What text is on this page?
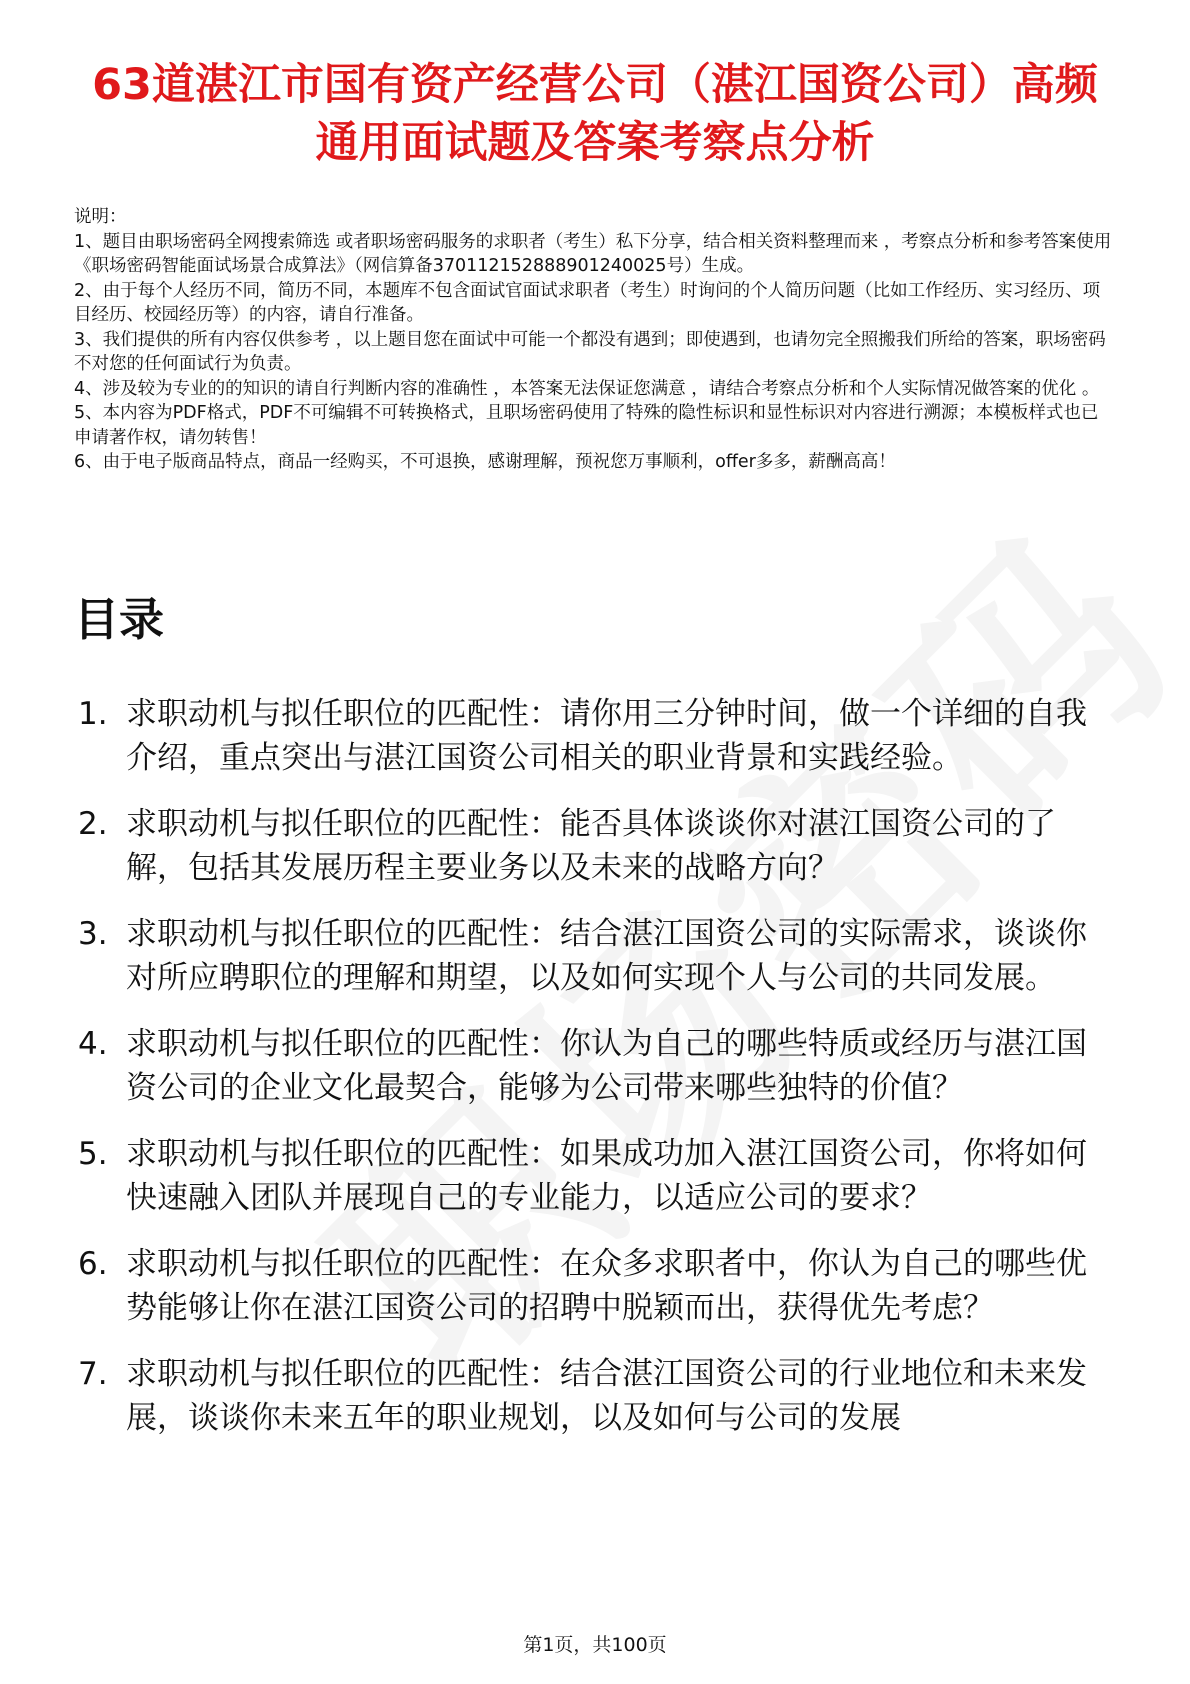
63道湛江市国有资产经营公司（湛江国资公司）高频通用面试题及答案考察点分析

说明：

1、题目由职场密码全网搜索筛选 或者职场密码服务的求职者（考生）私下分享，结合相关资料整理而来 ，考察点分析和参考答案使用《职场密码智能面试场景合成算法》（网信算备370112152888901240025号）生成。

2、由于每个人经历不同，简历不同，本题库不包含面试官面试求职者（考生）时询问的个人简历问题（比如工作经历、实习经历、项目经历、校园经历等）的内容，请自行准备。

3、我们提供的所有内容仅供参考 ，以上题目您在面试中可能一个都没有遇到；即使遇到，也请勿完全照搬我们所给的答案，职场密码不对您的任何面试行为负责。

4、涉及较为专业的的知识的请自行判断内容的准确性 ，本答案无法保证您满意 ，请结合考察点分析和个人实际情况做答案的优化 。

5、本内容为PDF格式，PDF不可编辑不可转换格式，且职场密码使用了特殊的隐性标识和显性标识对内容进行溯源；本模板样式也已申请著作权，请勿转售！

6、由于电子版商品特点，商品一经购买，不可退换，感谢理解，预祝您万事顺利，offer多多，薪酬高高！

目录
1. 求职动机与拟任职位的匹配性：请你用三分钟时间，做一个详细的自我介绍，重点突出与湛江国资公司相关的职业背景和实践经验。
2. 求职动机与拟任职位的匹配性：能否具体谈谈你对湛江国资公司的了解，包括其发展历程主要业务以及未来的战略方向？
3. 求职动机与拟任职位的匹配性：结合湛江国资公司的实际需求，谈谈你对所应聘职位的理解和期望，以及如何实现个人与公司的共同发展。
4. 求职动机与拟任职位的匹配性：你认为自己的哪些特质或经历与湛江国资公司的企业文化最契合，能够为公司带来哪些独特的价值？
5. 求职动机与拟任职位的匹配性：如果成功加入湛江国资公司，你将如何快速融入团队并展现自己的专业能力，以适应公司的要求？
6. 求职动机与拟任职位的匹配性：在众多求职者中，你认为自己的哪些优势能够让你在湛江国资公司的招聘中脱颖而出，获得优先考虑？
7. 求职动机与拟任职位的匹配性：结合湛江国资公司的行业地位和未来发展，谈谈你未来五年的职业规划，以及如何与公司的发展
第1页，共100页
